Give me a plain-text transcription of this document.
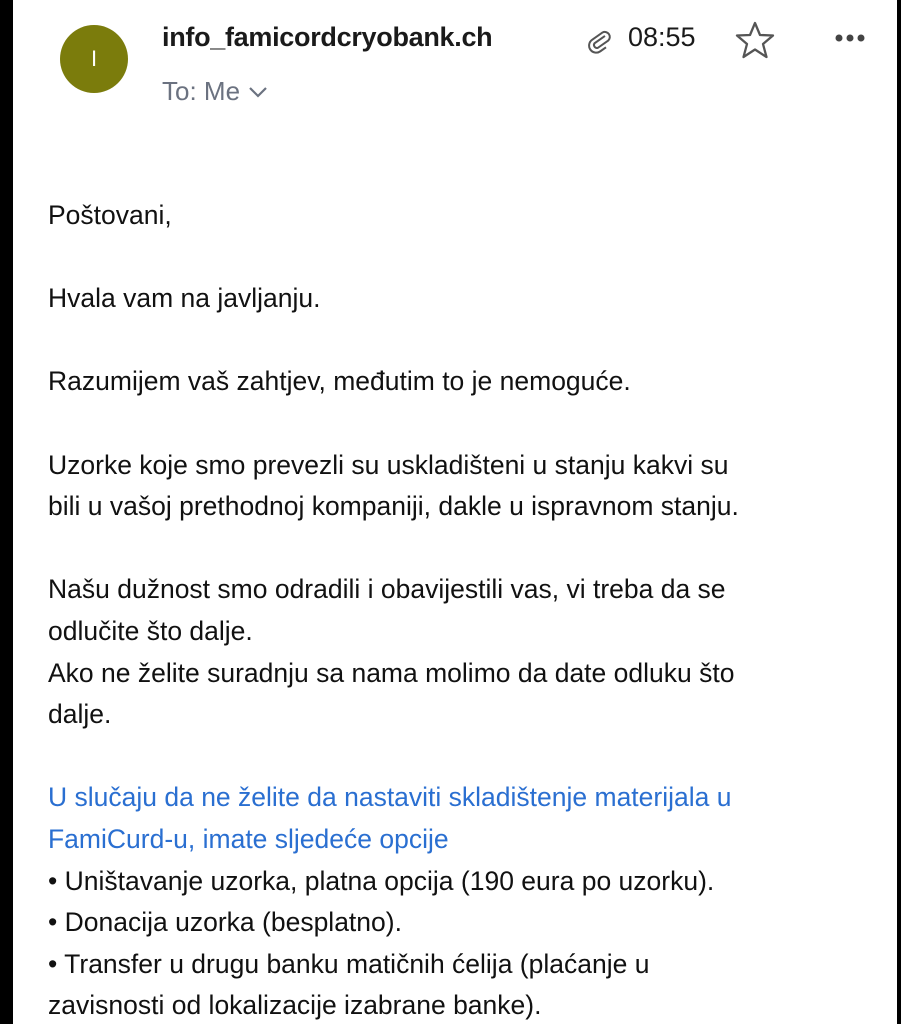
I
info_famicordcryobank.ch
To: Me
08:55
Poštovani,
Hvala vam na javljanju.
Razumijem vaš zahtjev, međutim to je nemoguće.
Uzorke koje smo prevezli su uskladišteni u stanju kakvi su
bili u vašoj prethodnoj kompaniji, dakle u ispravnom stanju.
Našu dužnost smo odradili i obavijestili vas, vi treba da se
odlučite što dalje.
Ako ne želite suradnju sa nama molimo da date odluku što
dalje.
U slučaju da ne želite da nastaviti skladištenje materijala u
FamiCurd-u, imate sljedeće opcije
• Uništavanje uzorka, platna opcija (190 eura po uzorku).
• Donacija uzorka (besplatno).
• Transfer u drugu banku matičnih ćelija (plaćanje u
zavisnosti od lokalizacije izabrane banke).
